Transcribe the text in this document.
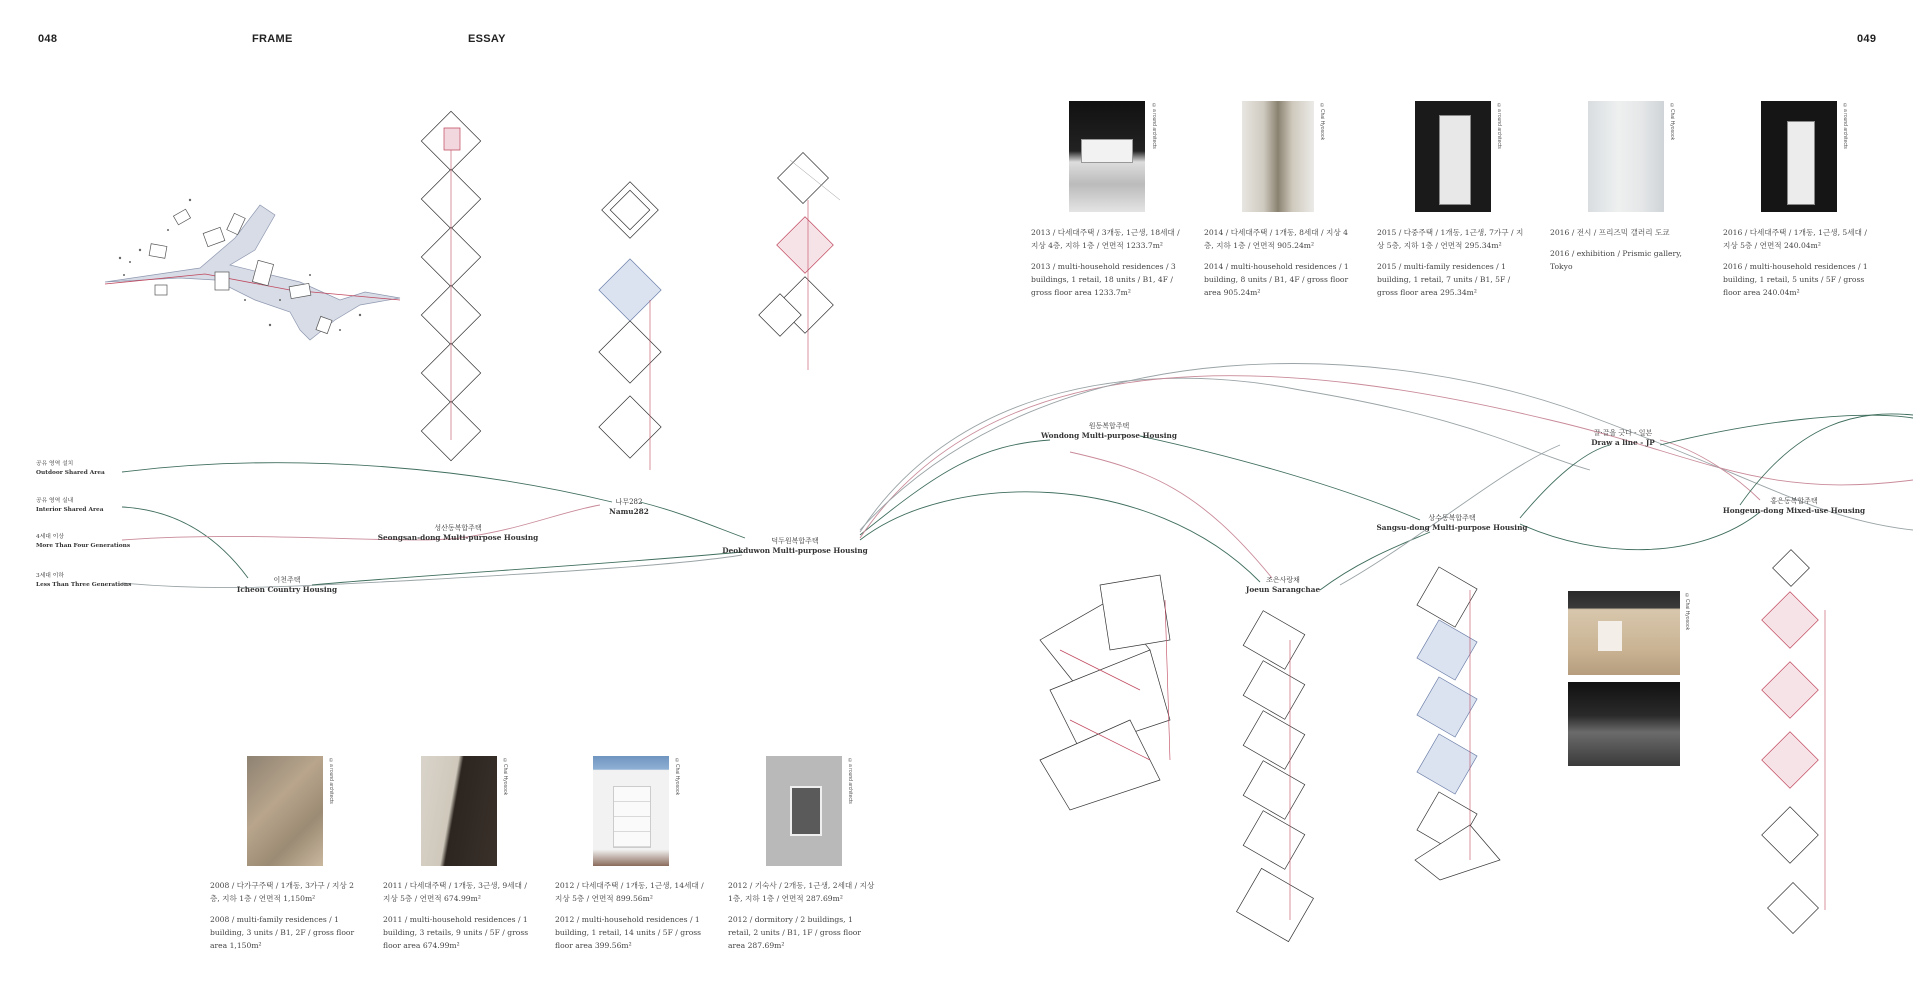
048	FRAME	ESSAY	049
공유 영역 설치
Outdoor Shared Area
공유 영역 실내
Interior Shared Area
4세대 이상
More Than Four Generations
3세대 이하
Less Than Three Generations
이천주택
Icheon Country Housing
성산동복합주택
Seongsan-dong Multi-purpose Housing
나무282
Namu282
덕두원복합주택
Deokduwon Multi-purpose Housing
원동복합주택
Wondong Multi-purpose Housing
조은사랑채
Joeun Sarangchae
상수동복합주택
Sangsu-dong Multi-purpose Housing
끌·끌을 긋다 - 일본
Draw a line - JP
홍은동복합주택
Hongeun-dong Mixed-use Housing
©a round architects	©Chai Hyosook	©a round architects	©Chai Hyosook	©a round architects

2013 / 다세대주택 / 3개동, 1근생, 18세대 / 지상 4층, 지하 1층 / 연면적 1233.7m²

2013 / multi-household residences / 3 buildings, 1 retail, 18 units / B1, 4F / gross floor area 1233.7m²

2014 / 다세대주택 / 1개동, 8세대 / 지상 4층, 지하 1층 / 연면적 905.24m²

2014 / multi-household residences / 1 building, 8 units / B1, 4F / gross floor area 905.24m²

2015 / 다중주택 / 1개동, 1근생, 7가구 / 지상 5층, 지하 1층 / 연면적 295.34m²

2015 / multi-family residences / 1 building, 1 retail, 7 units / B1, 5F / gross floor area 295.34m²

2016 / 전시 / 프리즈믹 갤러리 도쿄

2016 / exhibition / Prismic gallery, Tokyo

2016 / 다세대주택 / 1개동, 1근생, 5세대 / 지상 5층 / 연면적 240.04m²

2016 / multi-household residences / 1 building, 1 retail, 5 units / 5F / gross floor area 240.04m²

©Chai Hyosook
©a round architects	©Chai Hyosook	©Chai Hyosook	©a round architects

2008 / 다가구주택 / 1개동, 3가구 / 지상 2층, 지하 1층 / 연면적 1,150m²

2008 / multi-family residences / 1 building, 3 units / B1, 2F / gross floor area 1,150m²

2011 / 다세대주택 / 1개동, 3근생, 9세대 / 지상 5층 / 연면적 674.99m²

2011 / multi-household residences / 1 building, 3 retails, 9 units / 5F / gross floor area 674.99m²

2012 / 다세대주택 / 1개동, 1근생, 14세대 / 지상 5층 / 연면적 899.56m²

2012 / multi-household residences / 1 building, 1 retail, 14 units / 5F / gross floor area 399.56m²

2012 / 기숙사 / 2개동, 1근생, 2세대 / 지상 1층, 지하 1층 / 연면적 287.69m²

2012 / dormitory / 2 buildings, 1 retail, 2 units / B1, 1F / gross floor area 287.69m²
